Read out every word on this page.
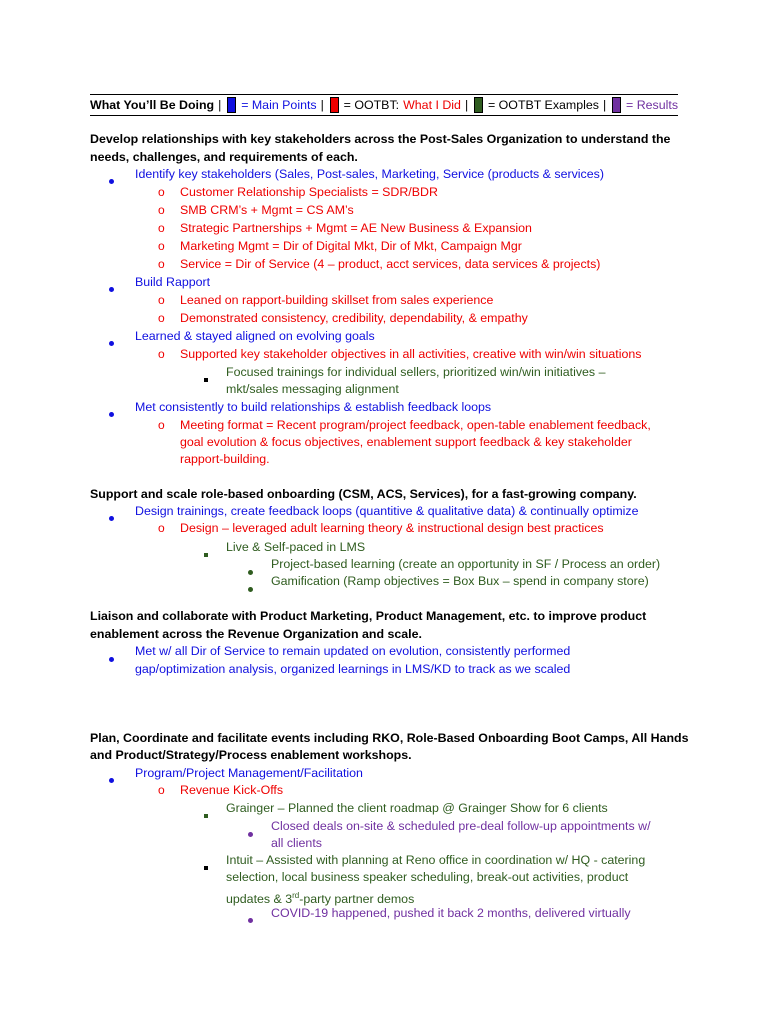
What You’ll Be Doing | = Main Points | = OOTBT: What I Did | = OOTBT Examples | = Results
Develop relationships with key stakeholders across the Post-Sales Organization to understand the
needs, challenges, and requirements of each.
Identify key stakeholders (Sales, Post-sales, Marketing, Service (products & services)
o Customer Relationship Specialists = SDR/BDR
o SMB CRM’s + Mgmt = CS AM’s
o Strategic Partnerships + Mgmt = AE New Business & Expansion
o Marketing Mgmt = Dir of Digital Mkt, Dir of Mkt, Campaign Mgr
o Service = Dir of Service (4 – product, acct services, data services & projects)
Build Rapport
o Leaned on rapport-building skillset from sales experience
o Demonstrated consistency, credibility, dependability, & empathy
Learned & stayed aligned on evolving goals
o Supported key stakeholder objectives in all activities, creative with win/win situations
Focused trainings for individual sellers, prioritized win/win initiatives –
mkt/sales messaging alignment
Met consistently to build relationships & establish feedback loops
o Meeting format = Recent program/project feedback, open-table enablement feedback,
goal evolution & focus objectives, enablement support feedback & key stakeholder
rapport-building.
Support and scale role-based onboarding (CSM, ACS, Services), for a fast-growing company.
Design trainings, create feedback loops (quantitive & qualitative data) & continually optimize
o Design – leveraged adult learning theory & instructional design best practices
Live & Self-paced in LMS
Project-based learning (create an opportunity in SF / Process an order)
Gamification (Ramp objectives = Box Bux – spend in company store)
Liaison and collaborate with Product Marketing, Product Management, etc. to improve product
enablement across the Revenue Organization and scale.
Met w/ all Dir of Service to remain updated on evolution, consistently performed
gap/optimization analysis, organized learnings in LMS/KD to track as we scaled
Plan, Coordinate and facilitate events including RKO, Role-Based Onboarding Boot Camps, All Hands
and Product/Strategy/Process enablement workshops.
Program/Project Management/Facilitation
o Revenue Kick-Offs
Grainger – Planned the client roadmap @ Grainger Show for 6 clients
Closed deals on-site & scheduled pre-deal follow-up appointments w/
all clients
Intuit – Assisted with planning at Reno office in coordination w/ HQ - catering
selection, local business speaker scheduling, break-out activities, product
updates & 3rd-party partner demos
COVID-19 happened, pushed it back 2 months, delivered virtually
